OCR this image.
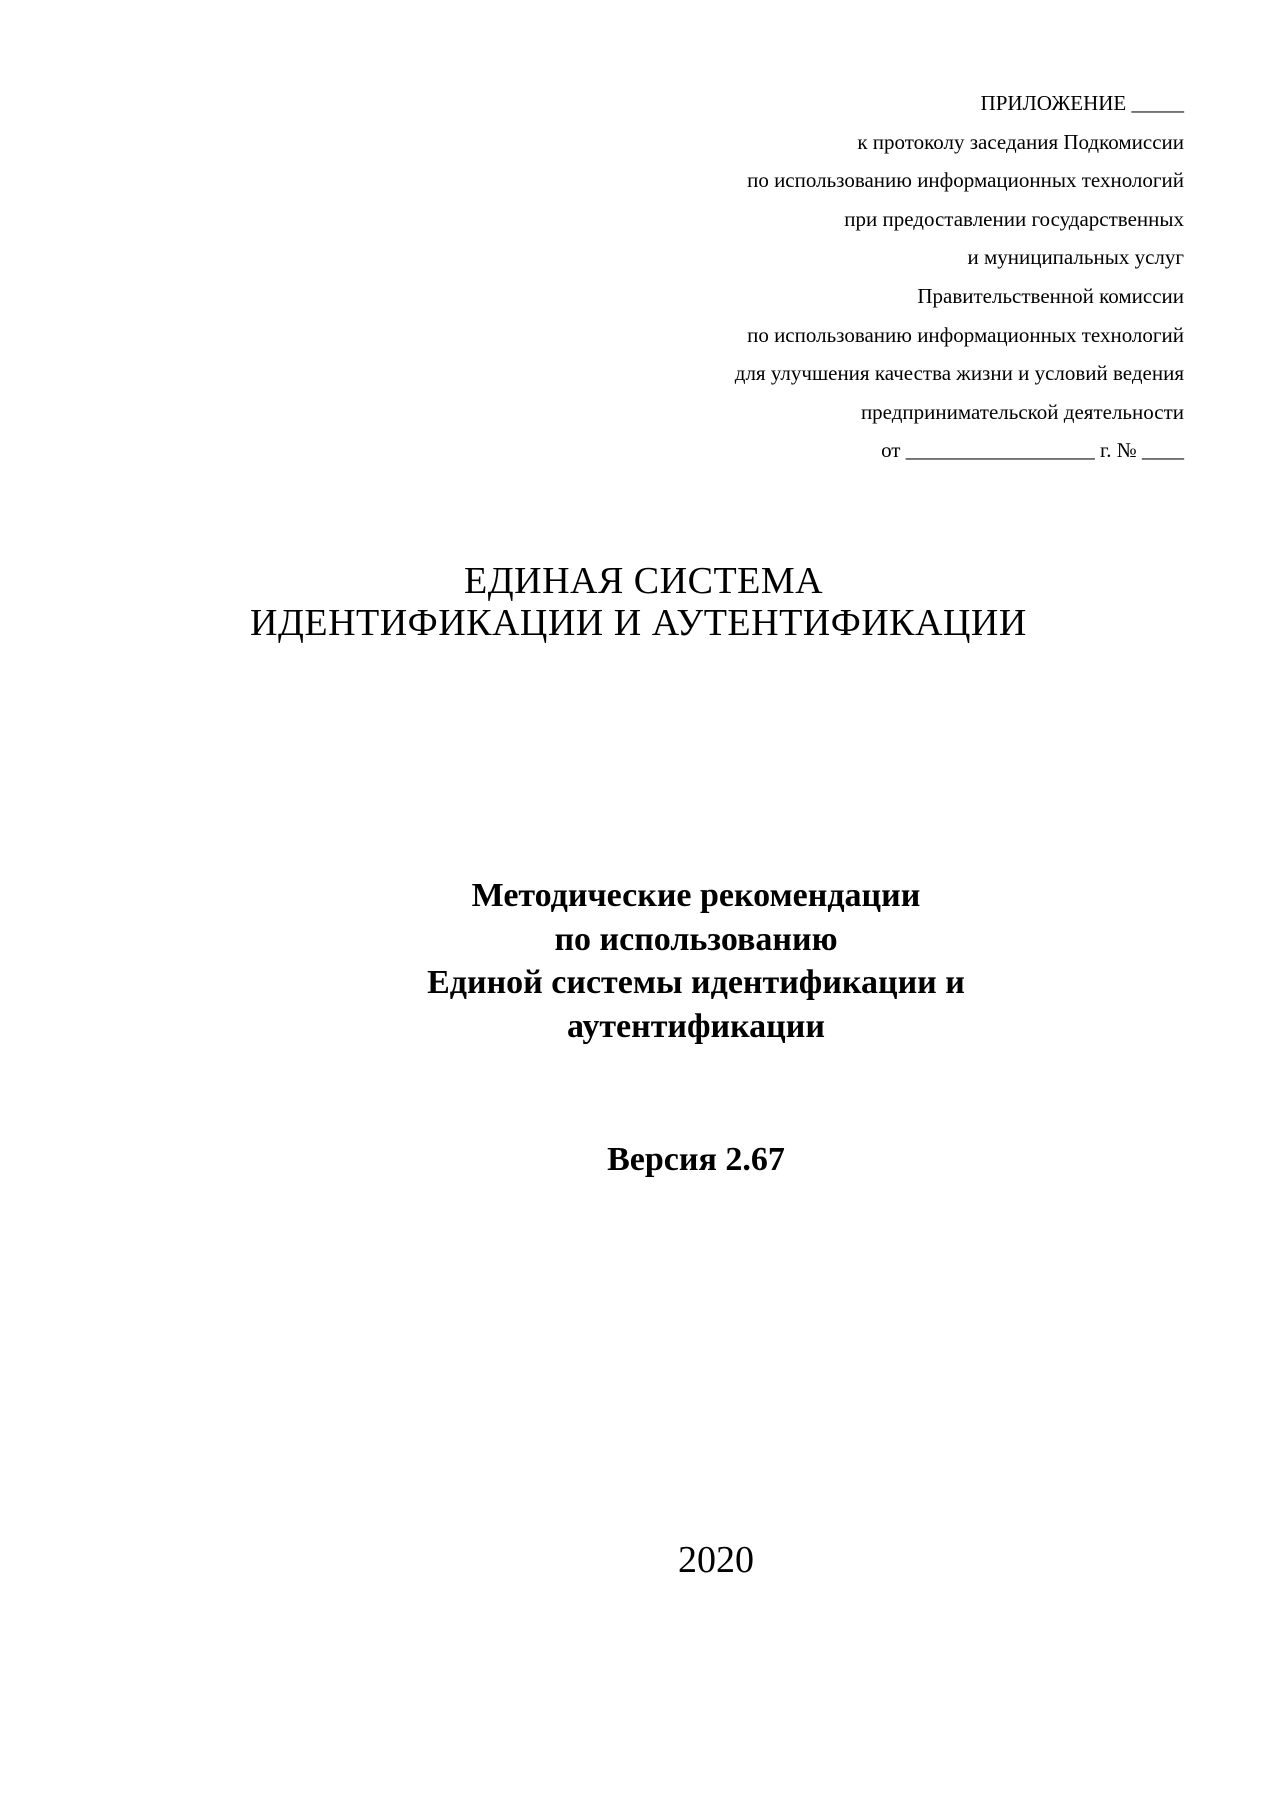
ПРИЛОЖЕНИЕ _____
к протоколу заседания Подкомиссии
по использованию информационных технологий
при предоставлении государственных
и муниципальных услуг
Правительственной комиссии
по использованию информационных технологий
для улучшения качества жизни и условий ведения
предпринимательской деятельности
от __________________ г. № ____
ЕДИНАЯ СИСТЕМА
ИДЕНТИФИКАЦИИ И АУТЕНТИФИКАЦИИ
Методические рекомендации
по использованию
Единой системы идентификации и
аутентификации
Версия 2.67
2020
